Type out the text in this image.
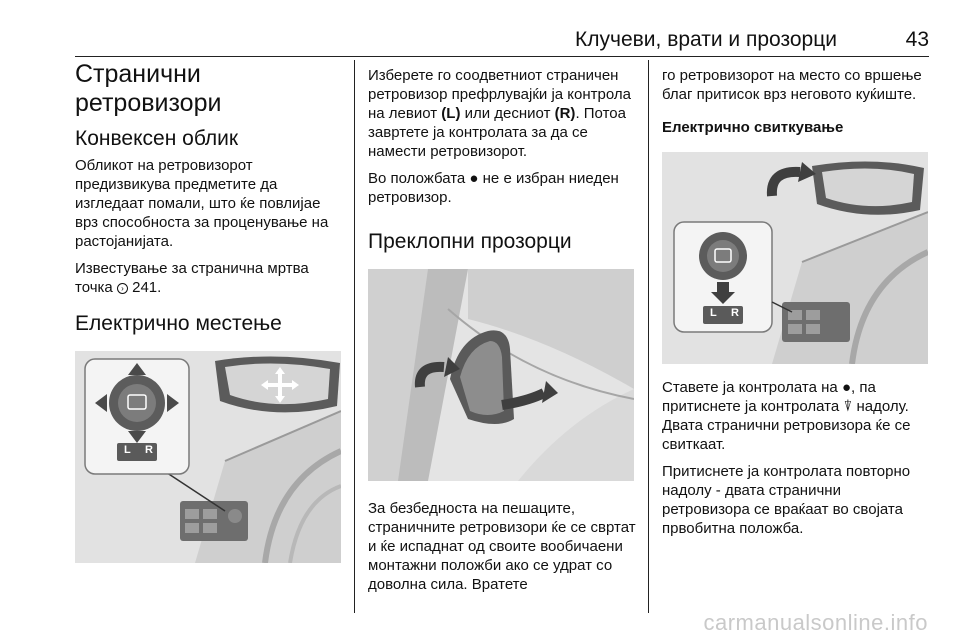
Клучеви, врати и прозорци	43
Странични ретровизори
Конвексен облик

Обликот на ретровизорот предизвикува предметите да изгледаат помали, што ќе повлијае врз способноста за проценување на растојанијата.

Известување за странична мртва точка › 241.

Електрично местење
L R

Изберете го соодветниот страничен ретровизор префрлувајќи ја контрола на левиот (L) или десниот (R). Потоа завртете ја контролата за да се намести ретровизорот.

Во положбата ● не е избран ниеден ретровизор.

Преклопни прозорци

За безбедноста на пешаците, страничните ретровизори ќе се свртат и ќе испаднат од своите вообичаени монтажни положби ако се удрат со доволна сила. Вратете

го ретровизорот на место со вршење благ притисок врз неговото куќиште.

Електрично свиткување
L R

Ставете ја контролата на ●, па притиснете ја контролата ⍒ надолу. Двата странични ретровизора ќе се свиткаат.

Притиснете ја контролата повторно надолу - двата странични ретровизора се враќаат во својата првобитна положба.

carmanualsonline.info
